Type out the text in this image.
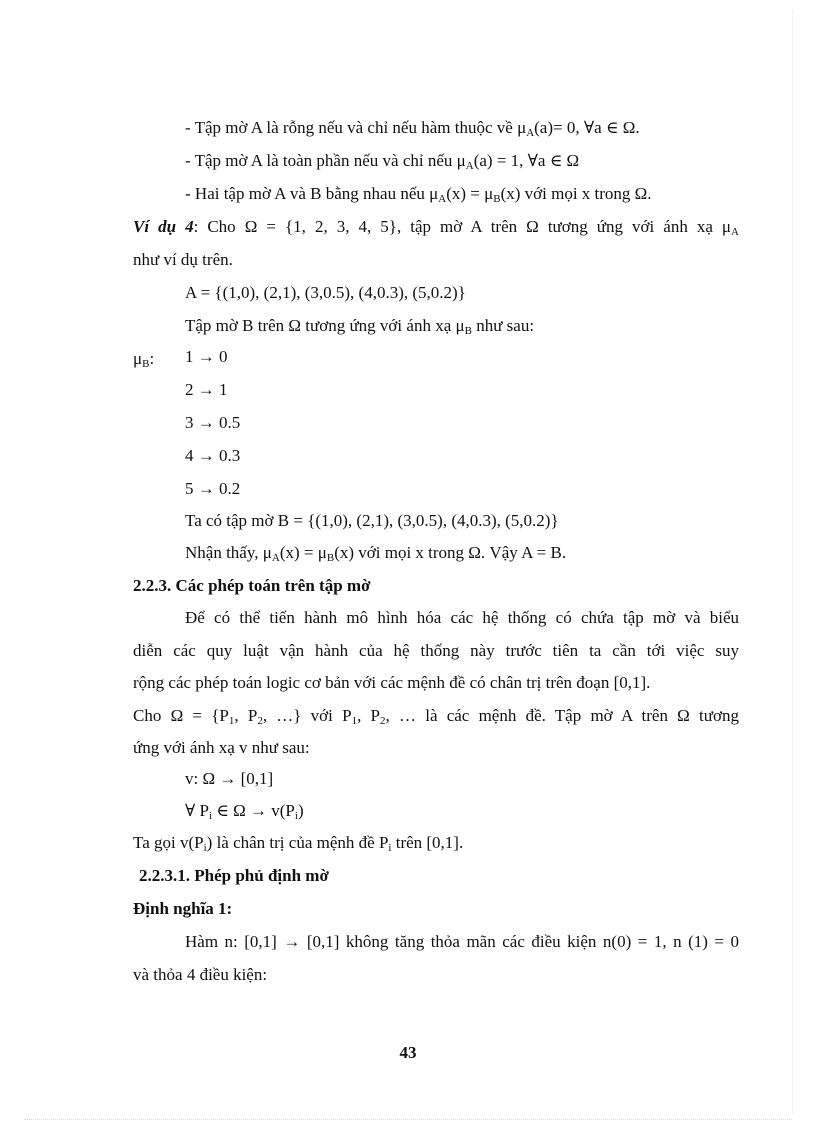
- Tập mờ A là rỗng nếu và chỉ nếu hàm thuộc về $\mu_A(a)= 0$, ∀a ∈ Ω.
- Tập mờ A là toàn phần nếu và chỉ nếu $\mu_A(a) = 1$, ∀a ∈ Ω
- Hai tập mờ A và B bằng nhau nếu $\mu_A(x) = \mu_B(x)$ với mọi x trong Ω.
Ví dụ 4: Cho Ω = {1, 2, 3, 4, 5}, tập mờ A trên Ω tương ứng với ánh xạ $\mu_A$
như ví dụ trên.
A = {(1,0), (2,1), (3,0.5), (4,0.3), (5,0.2)}
Tập mờ B trên Ω tương ứng với ánh xạ $\mu_B$ như sau:
$\mu_B$: 1 → 0
2 → 1
3 → 0.5
4 → 0.3
5 → 0.2
Ta có tập mờ B = {(1,0), (2,1), (3,0.5), (4,0.3), (5,0.2)}
Nhận thấy, $\mu_A(x) = \mu_B(x)$ với mọi x trong Ω. Vậy A = B.
2.2.3. Các phép toán trên tập mờ
Để có thể tiến hành mô hình hóa các hệ thống có chứa tập mờ và biểu
diễn các quy luật vận hành của hệ thống này trước tiên ta cần tới việc suy
rộng các phép toán logic cơ bản với các mệnh đề có chân trị trên đoạn [0,1].
Cho $\Omega = \{P_1$, $P_2$, …} với $P_1$, $P_2$, … là các mệnh đề. Tập mờ A trên Ω tương
ứng với ánh xạ v như sau:
v: Ω → [0,1]
∀ $P_i$ ∈ $\Omega \to v(P_i)$
Ta gọi $v(P_i)$ là chân trị của mệnh đề $P_i$ trên [0,1].
2.2.3.1. Phép phủ định mờ
Định nghĩa 1:
Hàm n: [0,1] → [0,1] không tăng thỏa mãn các điều kiện n(0) = 1, n (1) = 0
và thỏa 4 điều kiện:
43
